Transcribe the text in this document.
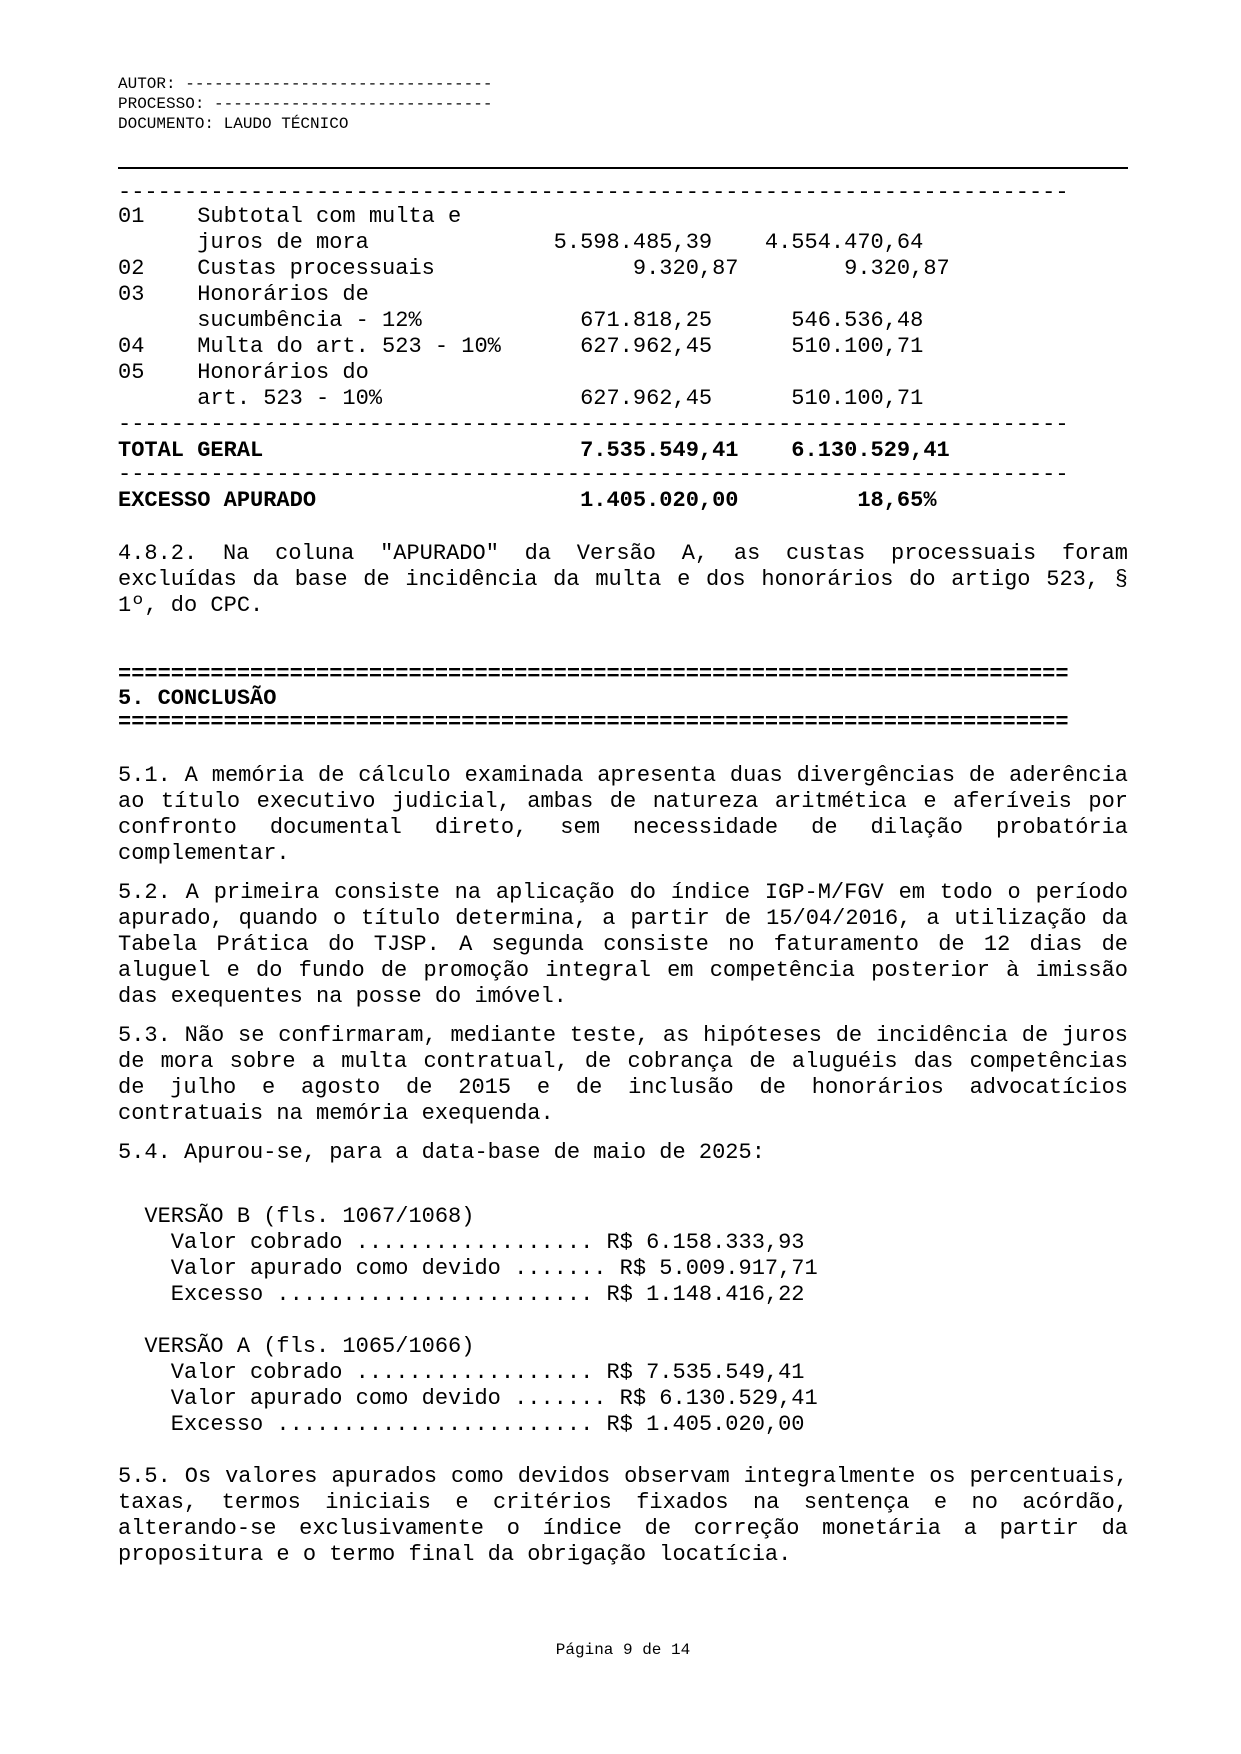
AUTOR: --------------------------------
PROCESSO: -----------------------------
DOCUMENTO: LAUDO TÉCNICO
------------------------------------------------------------------------
01    Subtotal com multa e
juros de mora              5.598.485,39    4.554.470,64
02    Custas processuais               9.320,87        9.320,87
03    Honorários de
sucumbência - 12%            671.818,25      546.536,48
04    Multa do art. 523 - 10%      627.962,45      510.100,71
05    Honorários do
art. 523 - 10%               627.962,45      510.100,71
------------------------------------------------------------------------
TOTAL GERAL                        7.535.549,41    6.130.529,41
------------------------------------------------------------------------
EXCESSO APURADO                    1.405.020,00         18,65%
4.8.2. Na coluna "APURADO" da Versão A, as custas processuais foram excluídas da base de incidência da multa e dos honorários do artigo 523, § 1º, do CPC.
========================================================================
5. CONCLUSÃO
========================================================================
5.1. A memória de cálculo examinada apresenta duas divergências de aderência ao título executivo judicial, ambas de natureza aritmética e aferíveis por confronto documental direto, sem necessidade de dilação probatória complementar.
5.2. A primeira consiste na aplicação do índice IGP-M/FGV em todo o período apurado, quando o título determina, a partir de 15/04/2016, a utilização da Tabela Prática do TJSP. A segunda consiste no faturamento de 12 dias de aluguel e do fundo de promoção integral em competência posterior à imissão das exequentes na posse do imóvel.
5.3. Não se confirmaram, mediante teste, as hipóteses de incidência de juros de mora sobre a multa contratual, de cobrança de aluguéis das competências de julho e agosto de 2015 e de inclusão de honorários advocatícios contratuais na memória exequenda.
5.4. Apurou-se, para a data-base de maio de 2025:
VERSÃO B (fls. 1067/1068)
Valor cobrado .................. R$ 6.158.333,93
Valor apurado como devido ....... R$ 5.009.917,71
Excesso ........................ R$ 1.148.416,22
VERSÃO A (fls. 1065/1066)
Valor cobrado .................. R$ 7.535.549,41
Valor apurado como devido ....... R$ 6.130.529,41
Excesso ........................ R$ 1.405.020,00
5.5. Os valores apurados como devidos observam integralmente os percentuais, taxas, termos iniciais e critérios fixados na sentença e no acórdão, alterando-se exclusivamente o índice de correção monetária a partir da propositura e o termo final da obrigação locatícia.
Página 9 de 14
